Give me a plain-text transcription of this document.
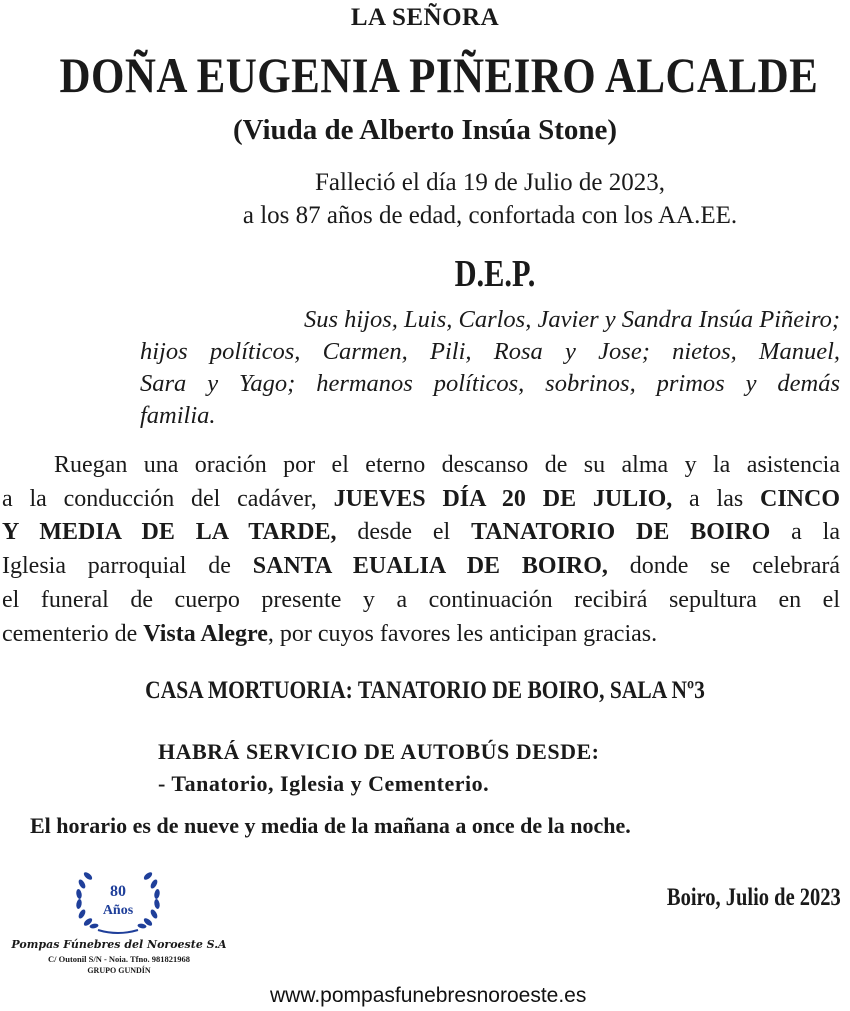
LA SEÑORA
DOÑA EUGENIA PIÑEIRO ALCALDE
(Viuda de Alberto Insúa Stone)
Falleció el día 19 de Julio de 2023,
a los 87 años de edad, confortada con los AA.EE.
D.E.P.
Sus hijos, Luis, Carlos, Javier y Sandra Insúa Piñeiro;
hijos políticos, Carmen, Pili, Rosa y Jose; nietos, Manuel,
Sara y Yago; hermanos políticos, sobrinos, primos y demás
familia.
Ruegan una oración por el eterno descanso de su alma y la asistencia
a la conducción del cadáver, JUEVES DÍA 20 DE JULIO, a las CINCO
Y MEDIA DE LA TARDE, desde el TANATORIO DE BOIRO a la
Iglesia parroquial de SANTA EUALIA DE BOIRO, donde se celebrará
el funeral de cuerpo presente y a continuación recibirá sepultura en el
cementerio de Vista Alegre, por cuyos favores les anticipan gracias.
CASA MORTUORIA: TANATORIO DE BOIRO, SALA Nº3
HABRÁ SERVICIO DE AUTOBÚS DESDE:
- Tanatorio, Iglesia y Cementerio.
El horario es de nueve y media de la mañana a once de la noche.
Boiro, Julio de 2023
80
Años
Pompas Fúnebres del Noroeste S.A
C/ Outonil S/N - Noia. Tfno. 981821968
GRUPO GUNDÍN
www.pompasfunebresnoroeste.es
